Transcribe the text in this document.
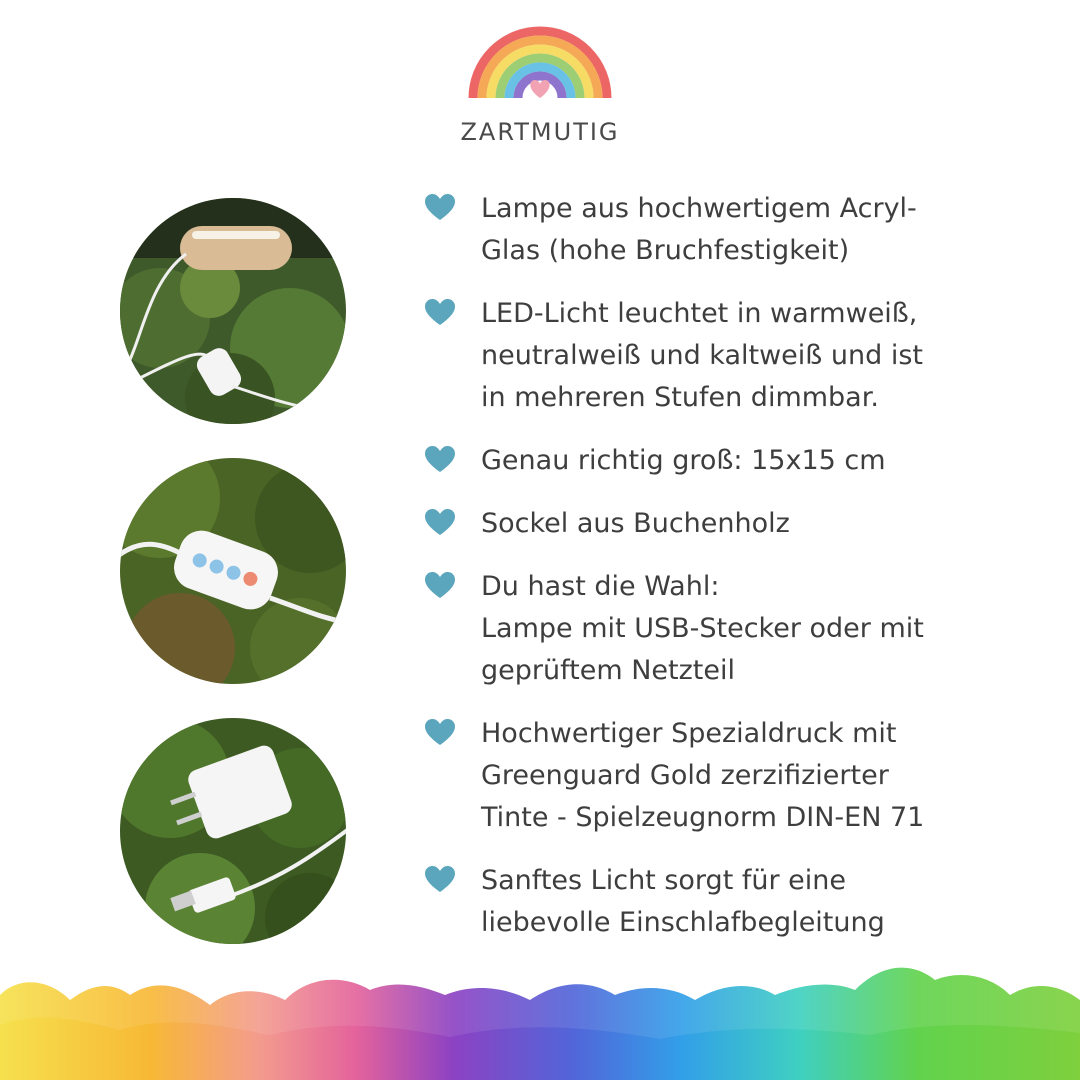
ZARTMUTIG
Lampe aus hochwertigem Acryl-
Glas (hohe Bruchfestigkeit)
LED-Licht leuchtet in warmweiß,
neutralweiß und kaltweiß und ist
in mehreren Stufen dimmbar.
Genau richtig groß: 15x15 cm
Sockel aus Buchenholz
Du hast die Wahl:
Lampe mit USB-Stecker oder mit
geprüftem Netzteil
Hochwertiger Spezialdruck mit
Greenguard Gold zerzifizierter
Tinte - Spielzeugnorm DIN-EN 71
Sanftes Licht sorgt für eine
liebevolle Einschlafbegleitung
